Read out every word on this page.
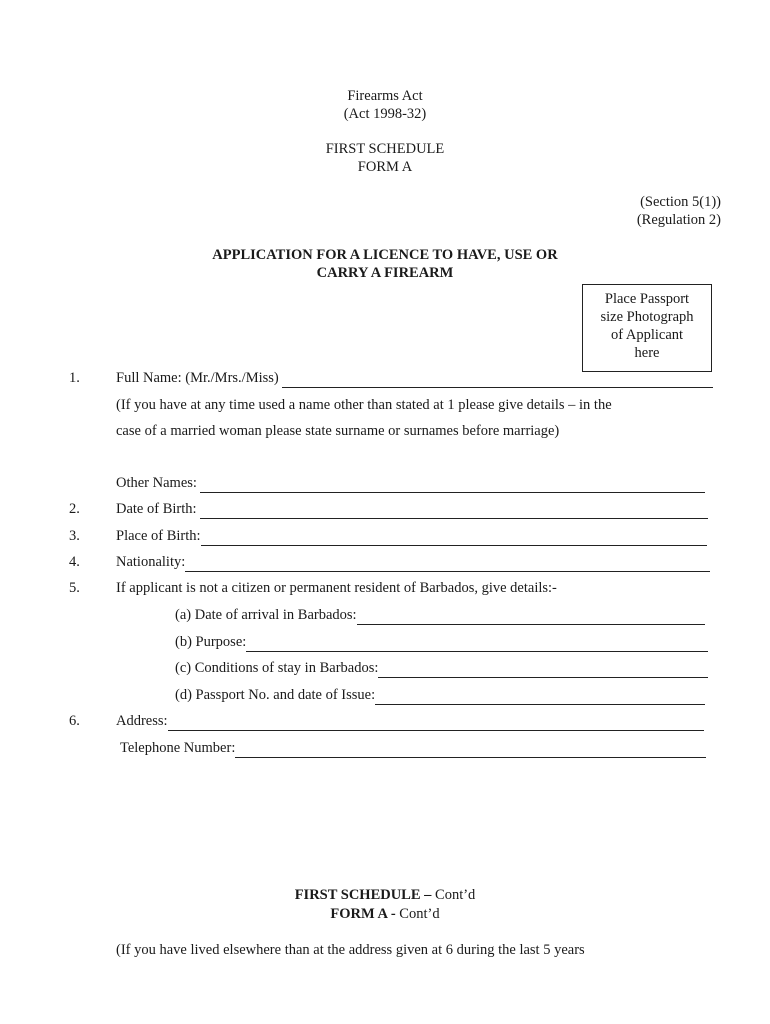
Firearms Act
(Act 1998-32)
FIRST SCHEDULE
FORM A
(Section 5(1))
(Regulation 2)
APPLICATION FOR A LICENCE TO HAVE, USE OR
CARRY A FIREARM
Place Passport
size Photograph
of Applicant
here
1.	Full Name: (Mr./Mrs./Miss)
(If you have at any time used a name other than stated at 1 please give details – in the
case of a married woman please state surname or surnames before marriage)
Other Names:
2.	Date of Birth:
3.	Place of Birth:
4.	Nationality:
5.	If applicant is not a citizen or permanent resident of Barbados, give details:-
(a) Date of arrival in Barbados:
(b) Purpose:
(c) Conditions of stay in Barbados:
(d) Passport No. and date of Issue:
6.	Address:
Telephone Number:
FIRST SCHEDULE – Cont’d
FORM A - Cont’d
(If you have lived elsewhere than at the address given at 6 during the last 5 years
